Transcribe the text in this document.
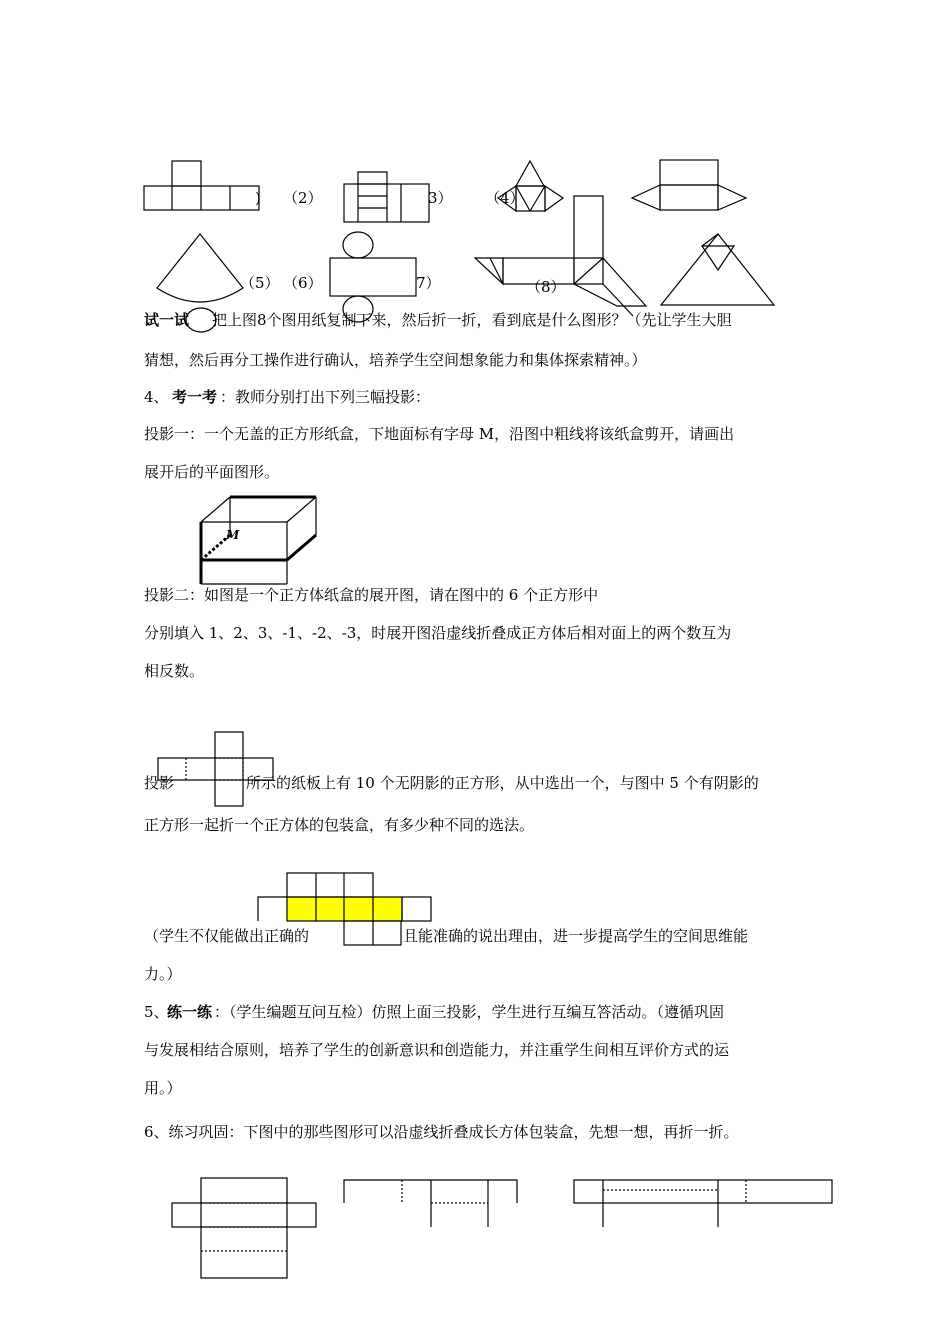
) （2）	3） （4）
（5） （6）	7）	（8）
试一试 把上图8个图用纸复制下来，然后折一折，看到底是什么图形？（先让学生大胆
猜想，然后再分工操作进行确认，培养学生空间想象能力和集体探索精神。）
4、 考一考 ：教师分别打出下列三幅投影：
投影一：一个无盖的正方形纸盒，下地面标有字母 M，沿图中粗线将该纸盒剪开，请画出
展开后的平面图形。
M
投影二：如图是一个正方体纸盒的展开图，请在图中的 6 个正方形中
分别填入 1、2、3、-1、-2、-3，时展开图沿虚线折叠成正方体后相对面上的两个数互为
相反数。
投影	所示的纸板上有 10 个无阴影的正方形，从中选出一个，与图中 5 个有阴影的
正方形一起折一个正方体的包装盒，有多少种不同的选法。
（学生不仅能做出正确的	且能准确的说出理由，进一步提高学生的空间思维能
力。）
5、
练一练 ：（学生编题互问互检）仿照上面三投影，学生进行互编互答活动。（遵循巩固
与发展相结合原则，培养了学生的创新意识和创造能力，并注重学生间相互评价方式的运
用。）
6、练习巩固：下图中的那些图形可以沿虚线折叠成长方体包装盒，先想一想，再折一折。
